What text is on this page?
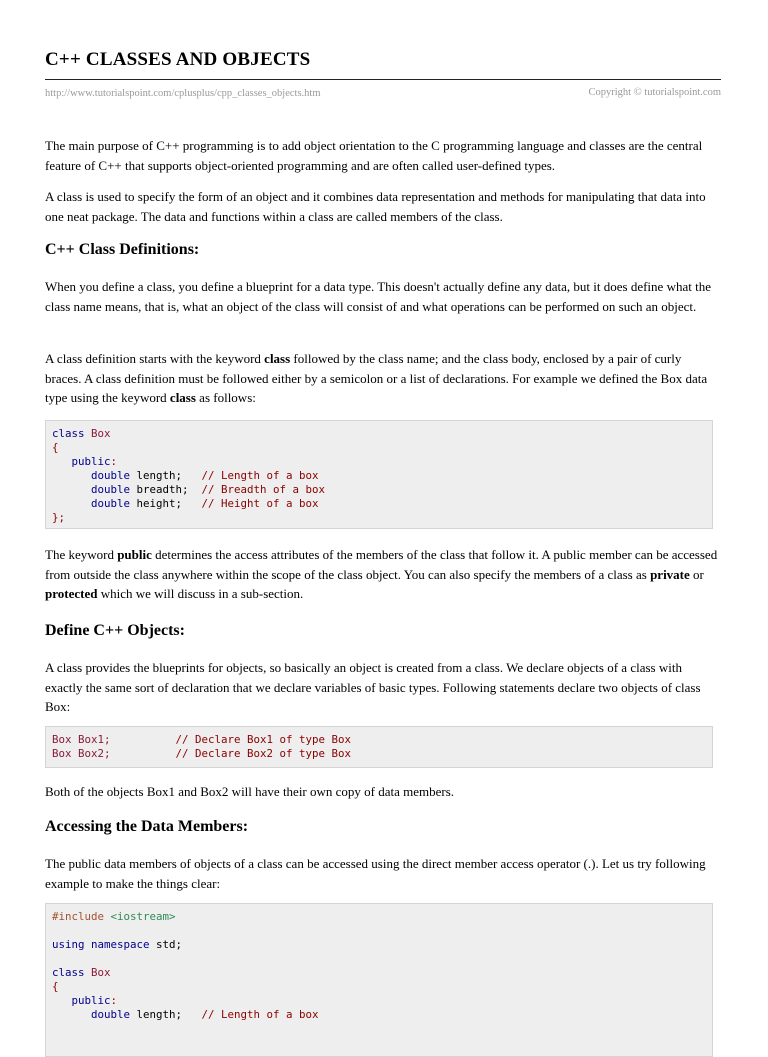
C++ CLASSES AND OBJECTS
http://www.tutorialspoint.com/cplusplus/cpp_classes_objects.htm	Copyright © tutorialspoint.com

The main purpose of C++ programming is to add object orientation to the C programming language and classes are the central feature of C++ that supports object-oriented programming and are often called user-defined types.

A class is used to specify the form of an object and it combines data representation and methods for manipulating that data into one neat package. The data and functions within a class are called members of the class.

C++ Class Definitions:

When you define a class, you define a blueprint for a data type. This doesn't actually define any data, but it does define what the class name means, that is, what an object of the class will consist of and what operations can be performed on such an object.

A class definition starts with the keyword class followed by the class name; and the class body, enclosed by a pair of curly braces. A class definition must be followed either by a semicolon or a list of declarations. For example we defined the Box data type using the keyword class as follows:

class Box
{
public:
double length;   // Length of a box
double breadth;  // Breadth of a box
double height;   // Height of a box
};

The keyword public determines the access attributes of the members of the class that follow it. A public member can be accessed from outside the class anywhere within the scope of the class object. You can also specify the members of a class as private or protected which we will discuss in a sub-section.

Define C++ Objects:

A class provides the blueprints for objects, so basically an object is created from a class. We declare objects of a class with exactly the same sort of declaration that we declare variables of basic types. Following statements declare two objects of class Box:

Box Box1;	// Declare Box1 of type Box
Box Box2;	// Declare Box2 of type Box

Both of the objects Box1 and Box2 will have their own copy of data members.

Accessing the Data Members:

The public data members of objects of a class can be accessed using the direct member access operator (.). Let us try following example to make the things clear:

#include <iostream>
using namespace std;
class Box
{
public:
double length;   // Length of a box
